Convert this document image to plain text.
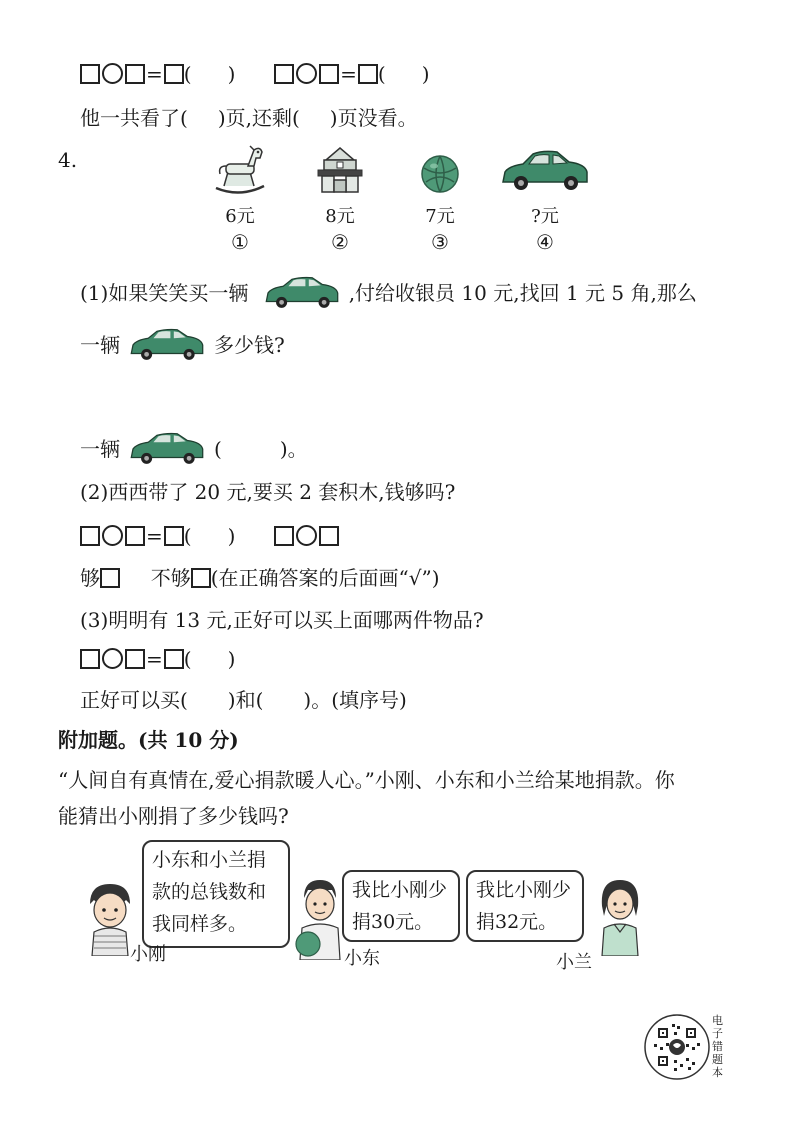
= ( )	= ( )
他一共看了( )页,还剩( )页没看。
4.
6元
①
8元
②
7元
③
?元
④
(1)如果笑笑买一辆	,付给收银员 10 元,找回 1 元 5 角,那么
一辆	多少钱?
一辆	(	)。
(2)西西带了 20 元,要买 2 套积木,钱够吗?
= ( )
够	不够 (在正确答案的后面画“√”)
(3)明明有 13 元,正好可以买上面哪两件物品?
= ( )
正好可以买(　　)和(　　)。(填序号)
附加题。(共 10 分)
“人间自有真情在,爱心捐款暖人心。”小刚、小东和小兰给某地捐款。你
能猜出小刚捐了多少钱吗?
小东和小兰捐
款的总钱数和
我同样多。
我比小刚少
捐30元。
我比小刚少
捐32元。
小刚	小东	小兰
电子错题本
